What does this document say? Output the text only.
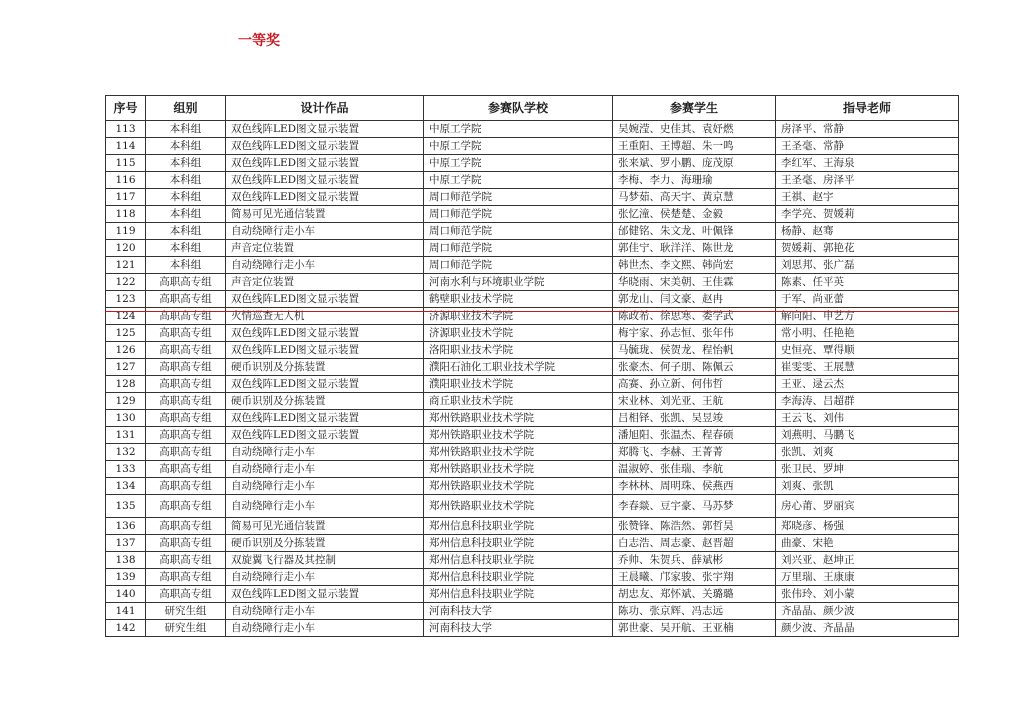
一等奖
序号	组别	设计作品	参赛队学校	参赛学生	指导老师
113	本科组	双色线阵LED图文显示装置	中原工学院	吴婉滢、史佳其、袁妤燃	房泽平、常静
114	本科组	双色线阵LED图文显示装置	中原工学院	王重阳、王博超、朱一鸣	王圣毫、常静
115	本科组	双色线阵LED图文显示装置	中原工学院	张来斌、罗小鹏、庞茂原	李红军、王海泉
116	本科组	双色线阵LED图文显示装置	中原工学院	李梅、李力、海珊瑜	王圣毫、房泽平
117	本科组	双色线阵LED图文显示装置	周口师范学院	马梦茹、高天宇、黄京慧	王祺、赵宇
118	本科组	简易可见光通信装置	周口师范学院	张忆潼、侯楚楚、金毅	李学亮、贺媛莉
119	本科组	自动绕障行走小车	周口师范学院	邰健铭、朱文龙、叶佩锋	杨静、赵骞
120	本科组	声音定位装置	周口师范学院	郭佳宁、耿洋洋、陈世龙	贺媛莉、郭艳花
121	本科组	自动绕障行走小车	周口师范学院	韩世杰、李文熙、韩尚宏	刘思邦、张广磊
122	高职高专组	声音定位装置	河南水利与环境职业学院	华晓雨、宋美朝、王佳霖	陈素、任平英
123	高职高专组	双色线阵LED图文显示装置	鹤壁职业技术学院	郭龙山、闫文豪、赵冉	于军、尚亚蕾
124	高职高专组	火情巡查无人机	济源职业技术学院	陈政希、徐思寒、娄学武	解向阳、申艺方
125	高职高专组	双色线阵LED图文显示装置	济源职业技术学院	梅宇家、孙志恒、张年伟	常小明、任艳艳
126	高职高专组	双色线阵LED图文显示装置	洛阳职业技术学院	马毓珑、侯贺龙、程怡帆	史恒亮、覃得顺
127	高职高专组	硬币识别及分拣装置	濮阳石油化工职业技术学院	张豪杰、何子朋、陈佩云	崔雯雯、王展慧
128	高职高专组	双色线阵LED图文显示装置	濮阳职业技术学院	高赛、孙立新、何伟哲	王亚、逯云杰
129	高职高专组	硬币识别及分拣装置	商丘职业技术学院	宋业林、刘光亚、王航	李海涛、吕超群
130	高职高专组	双色线阵LED图文显示装置	郑州铁路职业技术学院	吕相铎、张凯、吴昱竣	王云飞、刘伟
131	高职高专组	双色线阵LED图文显示装置	郑州铁路职业技术学院	潘旭阳、张温杰、程春硕	刘燕明、马鹏飞
132	高职高专组	自动绕障行走小车	郑州铁路职业技术学院	郑腾飞、李赫、王菁菁	张凯、刘爽
133	高职高专组	自动绕障行走小车	郑州铁路职业技术学院	温淑婷、张佳瑞、李航	张卫民、罗坤
134	高职高专组	自动绕障行走小车	郑州铁路职业技术学院	李林林、周明珠、侯燕西	刘爽、张凯
135	高职高专组	自动绕障行走小车	郑州铁路职业技术学院	李春燚、豆宇豪、马苏梦	房心莆、罗丽宾
136	高职高专组	简易可见光通信装置	郑州信息科技职业学院	张赞锋、陈浩然、郭哲昊	郑晓彦、杨强
137	高职高专组	硬币识别及分拣装置	郑州信息科技职业学院	白志浩、周志豪、赵晋超	曲豪、宋艳
138	高职高专组	双旋翼飞行器及其控制	郑州信息科技职业学院	乔帅、朱贺兵、薛斌彬	刘兴亚、赵坤正
139	高职高专组	自动绕障行走小车	郑州信息科技职业学院	王晨曦、邝家骏、张宇翔	万里瑞、王康康
140	高职高专组	双色线阵LED图文显示装置	郑州信息科技职业学院	胡忠友、郑怀斌、关璐璐	张伟玲、刘小蒙
141	研究生组	自动绕障行走小车	河南科技大学	陈功、张京辉、冯志远	齐晶晶、颜少波
142	研究生组	自动绕障行走小车	河南科技大学	郭世豪、吴开航、王亚楠	颜少波、齐晶晶
